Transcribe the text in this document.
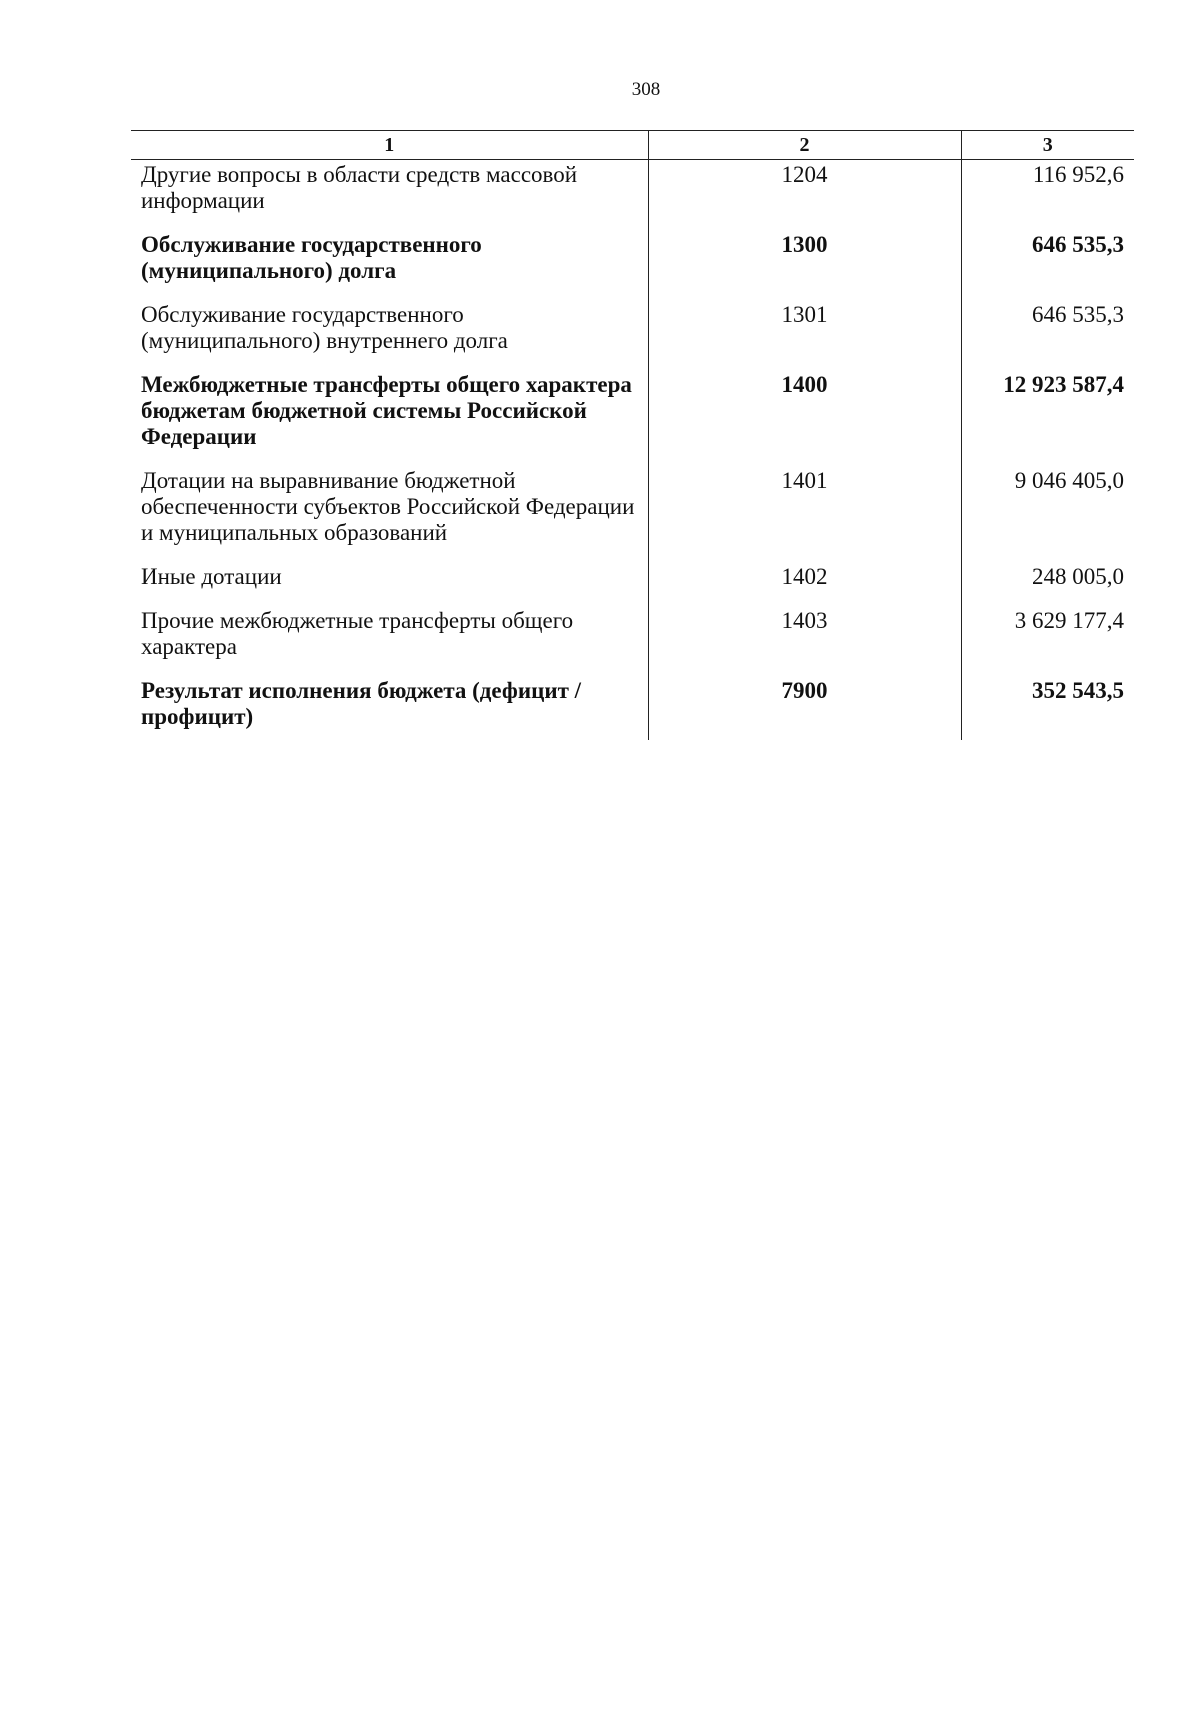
308
1	2	3
Другие вопросы в области средств массовой информации	1204	116 952,6
Обслуживание государственного (муниципального) долга	1300	646 535,3
Обслуживание государственного (муниципального) внутреннего долга	1301	646 535,3
Межбюджетные трансферты общего характера бюджетам бюджетной системы Российской Федерации	1400	12 923 587,4
Дотации на выравнивание бюджетной обеспеченности субъектов Российской Федерации и муниципальных образований	1401	9 046 405,0
Иные дотации	1402	248 005,0
Прочие межбюджетные трансферты общего характера	1403	3 629 177,4
Результат исполнения бюджета (дефицит / профицит)	7900	352 543,5
